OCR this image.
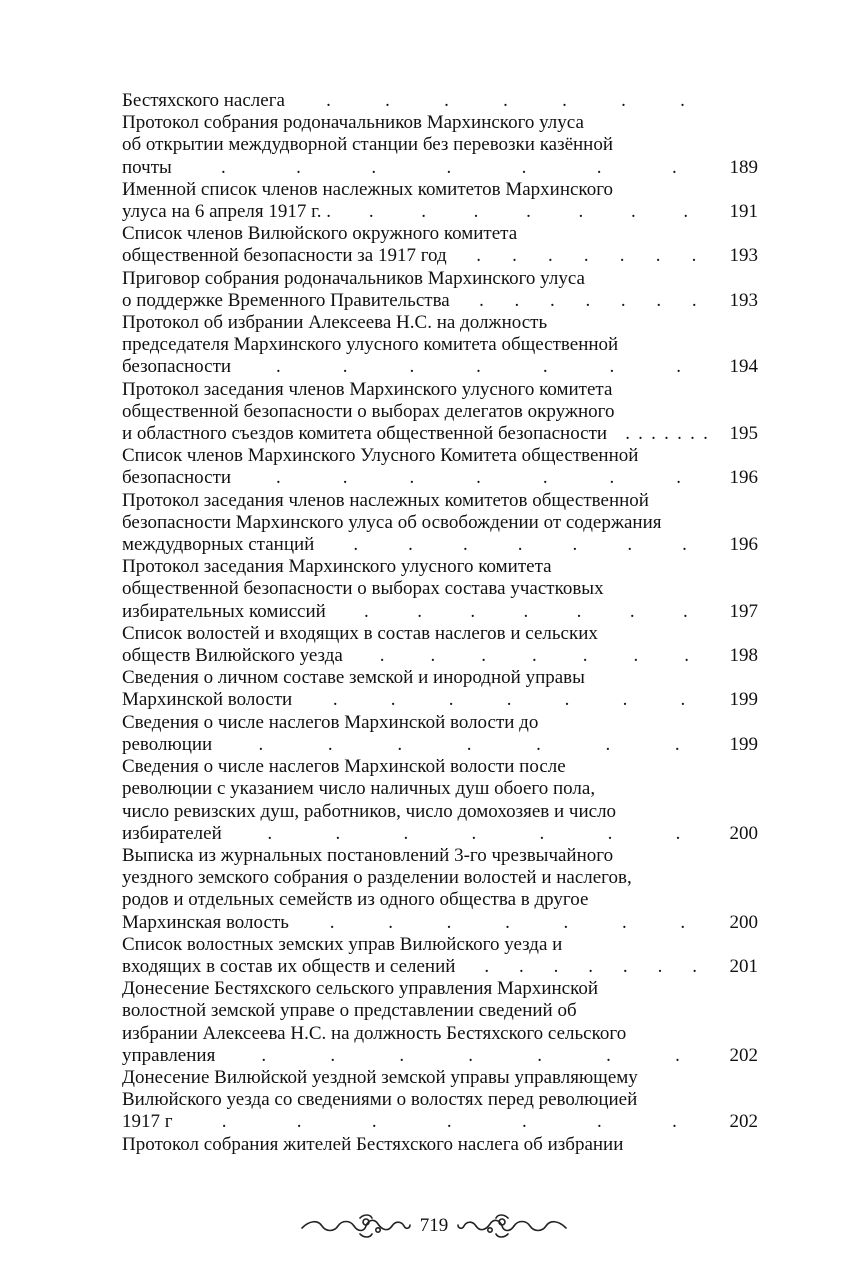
Бестяхского наслега .	.	.	.	.	.	.
Протокол собрания родоначальников Мархинского улуса
об открытии междудворной станции без перевозки казённой
почты	.	.	.	.	.	.	.	189
Именной список членов наслежных комитетов Мархинского
улуса на 6 апреля 1917 г. . .	.	.	.	.	.	.	191
Список членов Вилюйского окружного комитета
общественной безопасности за 1917 год . . . . . . .	193
Приговор собрания родоначальников Мархинского улуса
о поддержке Временного Правительства . . . . . . .	193
Протокол об избрании Алексеева Н.С. на должность
председателя Мархинского улусного комитета общественной
безопасности .	.	.	.	.	.	.	194
Протокол заседания членов Мархинского улусного комитета
общественной безопасности о выборах делегатов окружного
и областного съездов комитета общественной безопасности . . . . . . .	195
Список членов Мархинского Улусного Комитета общественной
безопасности .	.	.	.	.	.	.	196
Протокол заседания членов наслежных комитетов общественной
безопасности Мархинского улуса об освобождении от содержания
междудворных станций .	.	.	.	.	.	.	196
Протокол заседания Мархинского улусного комитета
общественной безопасности о выборах состава участковых
избирательных комиссий .	.	.	.	.	.	.	197
Список волостей и входящих в состав наслегов и сельских
обществ Вилюйского уезда . . . . . . .	198
Сведения о личном составе земской и инородной управы
Мархинской волости .	.	.	.	.	.	.	199
Сведения о числе наслегов Мархинской волости до
революции .	.	.	.	.	.	.	199
Сведения о числе наслегов Мархинской волости после
революции с указанием число наличных душ обоего пола,
число ревизских душ, работников, число домохозяев и число
избирателей .	.	.	.	.	.	.	200
Выписка из журнальных постановлений 3-го чрезвычайного
уездного земского собрания о разделении волостей и наслегов,
родов и отдельных семейств из одного общества в другое
Мархинская волость .	.	.	.	.	.	.	200
Список волостных земских управ Вилюйского уезда и
входящих в состав их обществ и селений . . . . . . .	201
Донесение Бестяхского сельского управления Мархинской
волостной земской управе о представлении сведений об
избрании Алексеева Н.С. на должность Бестяхского сельского
управления .	.	.	.	.	.	.	202
Донесение Вилюйской уездной земской управы управляющему
Вилюйского уезда со сведениями о волостях перед революцией
1917 г	.	.	.	.	.	.	.	202
Протокол собрания жителей Бестяхского наслега об избрании
719
